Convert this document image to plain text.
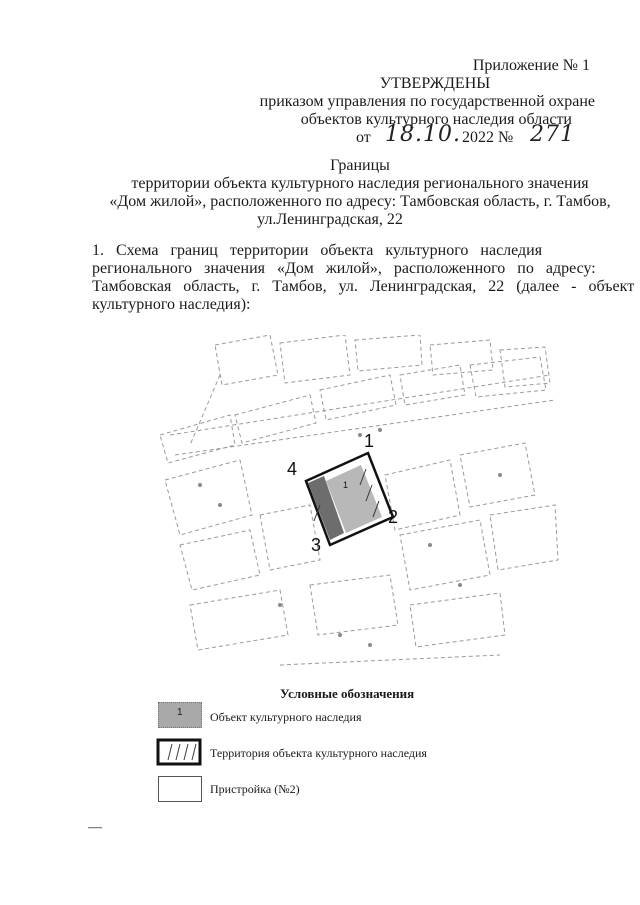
Приложение № 1
УТВЕРЖДЕНЫ
приказом управления по государственной охране
объектов культурного наследия области
от 18.10. 2022 № 271
Границы
территории объекта культурного наследия регионального значения
«Дом жилой», расположенного по адресу: Тамбовская область, г. Тамбов,
ул.Ленинградская, 22
1.   Схема   границ   территории   объекта   культурного   наследия
регионального   значения   «Дом   жилой»,   расположенного   по   адресу:
Тамбовская   область,   г.   Тамбов,   ул.   Ленинградская,   22   (далее   -   объект
культурного наследия):
1
1
2
3
4
Условные обозначения
1 Объект культурного наследия
Территория объекта культурного наследия
Пристройка (№2)
—
